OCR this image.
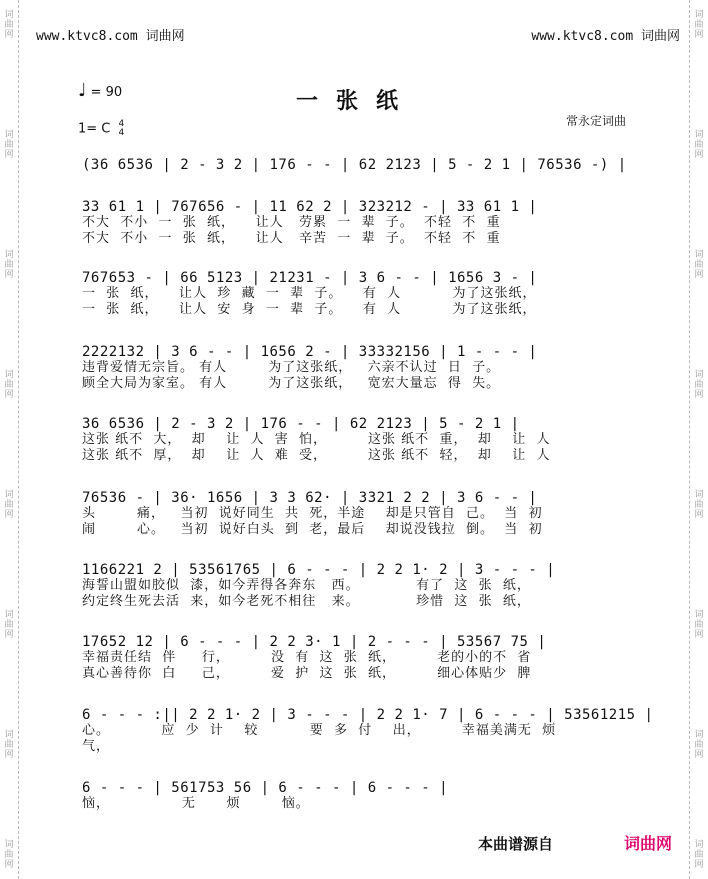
词
曲
网
词
曲
网
词
曲
网
词
曲
网
词
曲
网
词
曲
网
词
曲
网
词
曲
网
词
曲
网
词
曲
网
词
曲
网
词
曲
网
词
曲
网
词
曲
网
词
曲
网
词
曲
网
www.ktvc8.com 词曲网	www.ktvc8.com 词曲网
♩ = 90	一张纸
1= C 4
4
常永定词曲
(36 6536 | 2 - 3 2 | 176 - - | 62 2123 | 5 - 2 1 | 76536 -) |
33 61 1 | 767656 - | 11 62 2 | 323212 - | 33 61 1 |
不大  不小  一  张  纸，    让人   劳累  一  辈  子。  不轻  不  重
不大  不小  一  张  纸，    让人   辛苦  一  辈  子。  不轻  不  重
767653 - | 66 5123 | 21231 - | 3 6 - - | 1656 3 - |
一  张  纸，    让人  珍  藏  一  辈  子。    有  人          为了这张纸，
一  张  纸，    让人  安  身  一  辈  子。    有  人          为了这张纸，
2222132 | 3 6 - - | 1656 2 - | 33332156 | 1 - - - |
违背爱情无宗旨。 有人        为了这张纸，   六亲不认过  日  子。
顾全大局为家室。 有人        为了这张纸，   宽宏大量忘  得  失。
36 6536 | 2 - 3 2 | 176 - - | 62 2123 | 5 - 2 1 |
这张 纸不  大，  却    让  人  害  怕，        这张 纸不  重，  却    让  人
这张 纸不  厚，  却    让  人  难  受，        这张 纸不  轻，  却    让  人
76536 - | 36· 1656 | 3 3 62· | 3321 2 2 | 3 6 - - |
头        痛，   当初  说好同生  共  死，半途    却是只管自  己。  当  初
闹        心。   当初  说好白头  到  老，最后    却说没钱拉  倒。  当  初
1166221 2 | 53561765 | 6 - - - | 2 2 1· 2 | 3 - - - |
海誓山盟如胶似  漆，如今弄得各奔东   西。           有了  这  张  纸，
约定终生死去活  来，如今老死不相往   来。           珍惜  这  张  纸，
17652 12 | 6 - - - | 2 2 3· 1 | 2 - - - | 53567 75 |
幸福责任结  伴     行，        没  有  这  张  纸，        老的小的不  省
真心善待你  白     己，        爱  护  这  张  纸，        细心体贴少  脾
6 - - - :|| 2 2 1· 2 | 3 - - - | 2 2 1· 7 | 6 - - - | 53561215 |
心。          应  少  计    较          要  多  付    出，        幸福美满无  烦
气，
6 - - - | 561753 56 | 6 - - - | 6 - - - |
恼，              无      烦        恼。
本曲谱源自	词曲网
